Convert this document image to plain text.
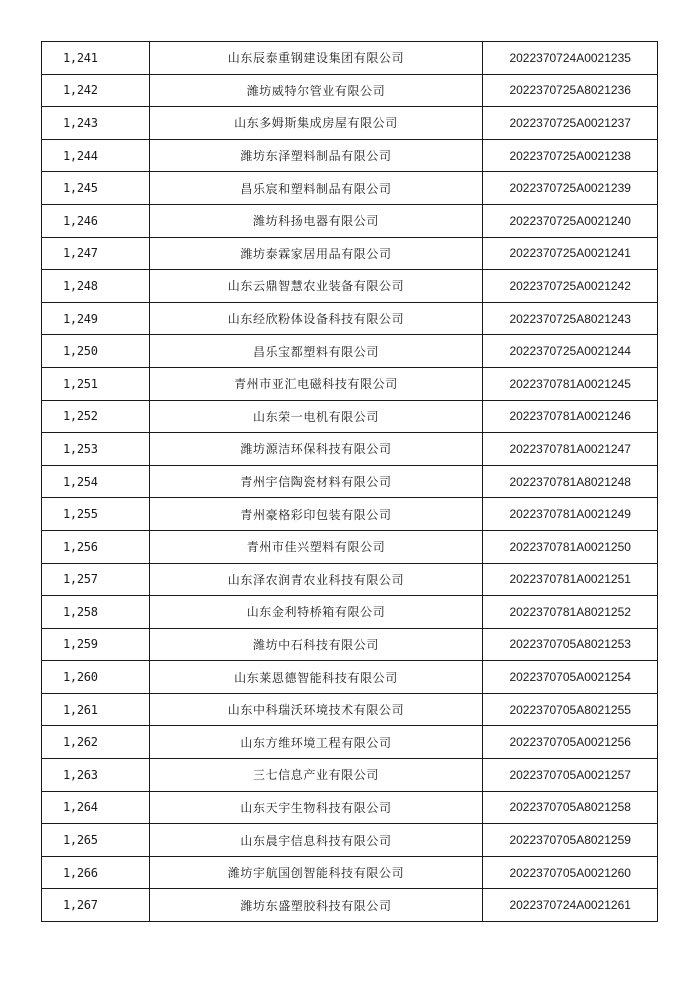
1,241	山东辰泰重钢建设集团有限公司	2022370724A0021235
1,242	潍坊威特尔管业有限公司	2022370725A8021236
1,243	山东多姆斯集成房屋有限公司	2022370725A0021237
1,244	潍坊东泽塑料制品有限公司	2022370725A0021238
1,245	昌乐宸和塑料制品有限公司	2022370725A0021239
1,246	潍坊科扬电器有限公司	2022370725A0021240
1,247	潍坊泰霖家居用品有限公司	2022370725A0021241
1,248	山东云鼎智慧农业装备有限公司	2022370725A0021242
1,249	山东经欣粉体设备科技有限公司	2022370725A8021243
1,250	昌乐宝都塑料有限公司	2022370725A0021244
1,251	青州市亚汇电磁科技有限公司	2022370781A0021245
1,252	山东荣一电机有限公司	2022370781A0021246
1,253	潍坊源洁环保科技有限公司	2022370781A0021247
1,254	青州宇信陶瓷材料有限公司	2022370781A8021248
1,255	青州豪格彩印包装有限公司	2022370781A0021249
1,256	青州市佳兴塑料有限公司	2022370781A0021250
1,257	山东泽农润青农业科技有限公司	2022370781A0021251
1,258	山东金利特桥箱有限公司	2022370781A8021252
1,259	潍坊中石科技有限公司	2022370705A8021253
1,260	山东莱恩德智能科技有限公司	2022370705A0021254
1,261	山东中科瑞沃环境技术有限公司	2022370705A8021255
1,262	山东方维环境工程有限公司	2022370705A0021256
1,263	三七信息产业有限公司	2022370705A0021257
1,264	山东天宇生物科技有限公司	2022370705A8021258
1,265	山东晨宇信息科技有限公司	2022370705A8021259
1,266	潍坊宇航国创智能科技有限公司	2022370705A0021260
1,267	潍坊东盛塑胶科技有限公司	2022370724A0021261
